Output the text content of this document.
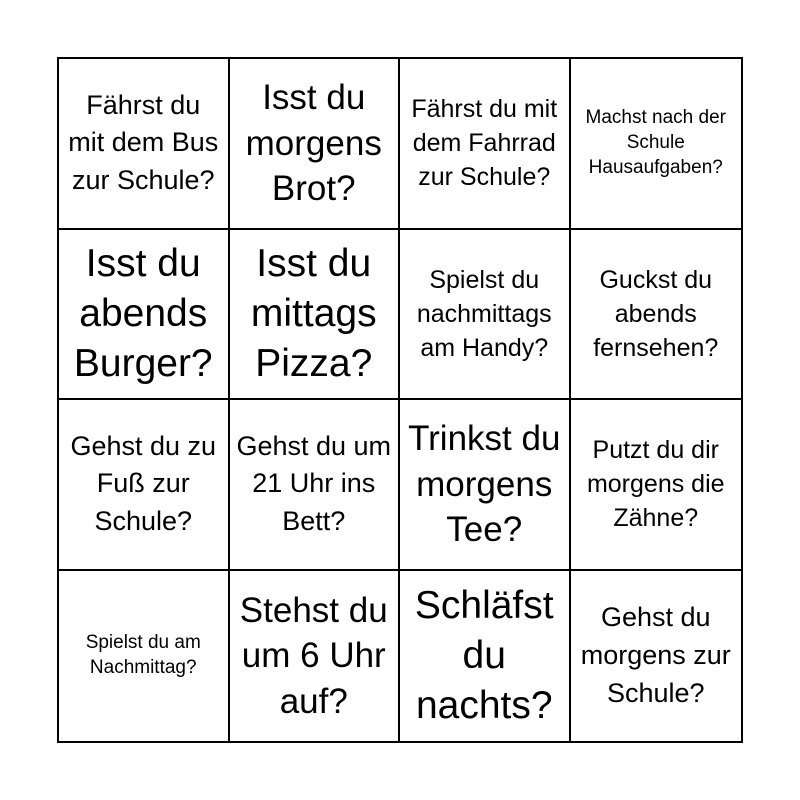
Fährst du mit dem Bus zur Schule?
Isst du morgens Brot?
Fährst du mit dem Fahrrad zur Schule?
Machst nach der Schule Hausaufgaben?
Isst du abends Burger?
Isst du mittags Pizza?
Spielst du nachmittags am Handy?
Guckst du abends fernsehen?
Gehst du zu Fuß zur Schule?
Gehst du um 21 Uhr ins Bett?
Trinkst du morgens Tee?
Putzt du dir morgens die Zähne?
Spielst du am Nachmittag?
Stehst du um 6 Uhr auf?
Schläfst du nachts?
Gehst du morgens zur Schule?
